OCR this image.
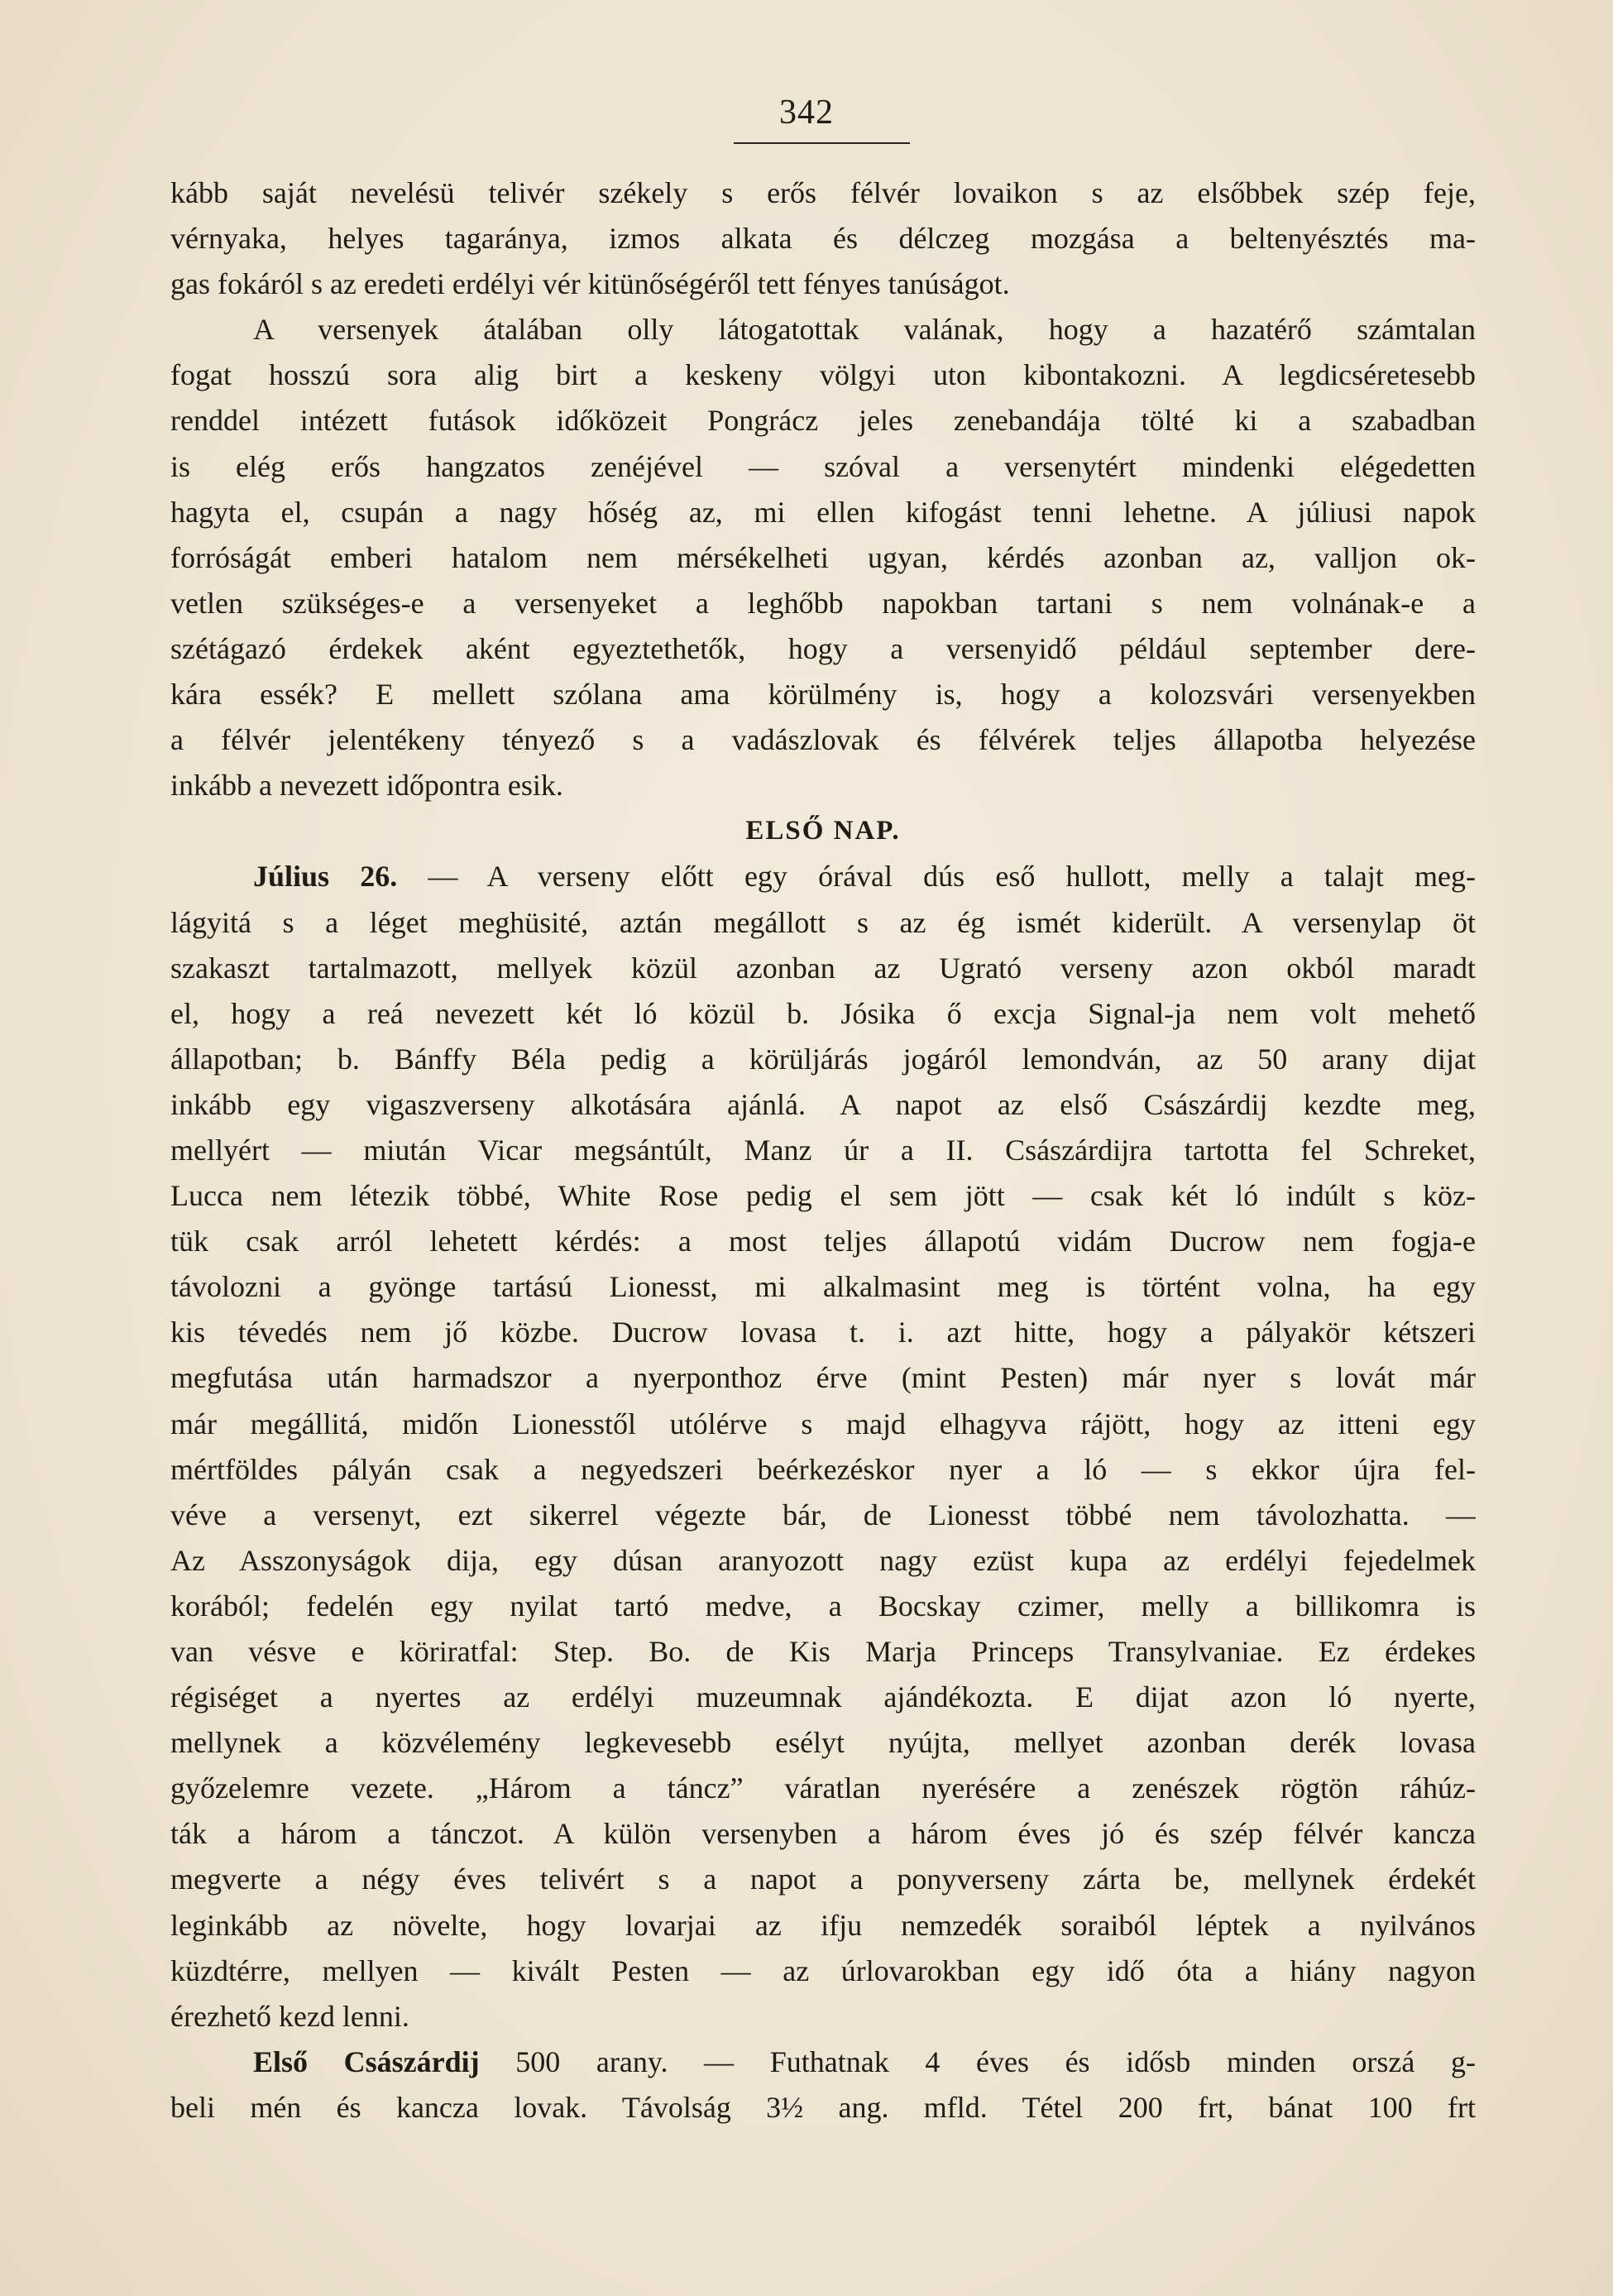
342
kább saját nevelésü telivér székely s erős félvér lovaikon s az elsőbbek szép feje,
vérnyaka, helyes tagaránya, izmos alkata és délczeg mozgása a beltenyésztés ma-
gas fokáról s az eredeti erdélyi vér kitünőségéről tett fényes tanúságot.
A versenyek átalában olly látogatottak valának, hogy a hazatérő számtalan
fogat hosszú sora alig birt a keskeny völgyi uton kibontakozni. A legdicséretesebb
renddel intézett futások időközeit Pongrácz jeles zenebandája tölté ki a szabadban
is elég erős hangzatos zenéjével — szóval a versenytért mindenki elégedetten
hagyta el, csupán a nagy hőség az, mi ellen kifogást tenni lehetne. A júliusi napok
forróságát emberi hatalom nem mérsékelheti ugyan, kérdés azonban az, valljon ok-
vetlen szükséges-e a versenyeket a leghőbb napokban tartani s nem volnának-e a
szétágazó érdekek aként egyeztethetők, hogy a versenyidő például september dere-
kára essék? E mellett szólana ama körülmény is, hogy a kolozsvári versenyekben
a félvér jelentékeny tényező s a vadászlovak és félvérek teljes állapotba helyezése
inkább a nevezett időpontra esik.
ELSŐ NAP.
Július 26. — A verseny előtt egy órával dús eső hullott, melly a talajt meg-
lágyitá s a léget meghüsité, aztán megállott s az ég ismét kiderült. A versenylap öt
szakaszt tartalmazott, mellyek közül azonban az Ugrató verseny azon okból maradt
el, hogy a reá nevezett két ló közül b. Jósika ő excja Signal-ja nem volt mehető
állapotban; b. Bánffy Béla pedig a körüljárás jogáról lemondván, az 50 arany dijat
inkább egy vigaszverseny alkotására ajánlá. A napot az első Császárdij kezdte meg,
mellyért — miután Vicar megsántúlt, Manz úr a II. Császárdijra tartotta fel Schreket,
Lucca nem létezik többé, White Rose pedig el sem jött — csak két ló indúlt s köz-
tük csak arról lehetett kérdés: a most teljes állapotú vidám Ducrow nem fogja-e
távolozni a gyönge tartású Lionesst, mi alkalmasint meg is történt volna, ha egy
kis tévedés nem jő közbe. Ducrow lovasa t. i. azt hitte, hogy a pályakör kétszeri
megfutása után harmadszor a nyerponthoz érve (mint Pesten) már nyer s lovát már
már megállitá, midőn Lionesstől utólérve s majd elhagyva rájött, hogy az itteni egy
mértföldes pályán csak a negyedszeri beérkezéskor nyer a ló — s ekkor újra fel-
véve a versenyt, ezt sikerrel végezte bár, de Lionesst többé nem távolozhatta. —
Az Asszonyságok dija, egy dúsan aranyozott nagy ezüst kupa az erdélyi fejedelmek
korából; fedelén egy nyilat tartó medve, a Bocskay czimer, melly a billikomra is
van vésve e köriratfal: Step. Bo. de Kis Marja Princeps Transylvaniae. Ez érdekes
régiséget a nyertes az erdélyi muzeumnak ajándékozta. E dijat azon ló nyerte,
mellynek a közvélemény legkevesebb esélyt nyújta, mellyet azonban derék lovasa
győzelemre vezete. „Három a tánczˮ váratlan nyerésére a zenészek rögtön ráhúz-
ták a három a tánczot. A külön versenyben a három éves jó és szép félvér kancza
megverte a négy éves telivért s a napot a ponyverseny zárta be, mellynek érdekét
leginkább az növelte, hogy lovarjai az ifju nemzedék soraiból léptek a nyilvános
küzdtérre, mellyen — kivált Pesten — az úrlovarokban egy idő óta a hiány nagyon
érezhető kezd lenni.
Első Császárdij 500 arany. — Futhatnak 4 éves és idősb minden orszá g-
beli mén és kancza lovak. Távolság 3½ ang. mfld. Tétel 200 frt, bánat 100 frt
